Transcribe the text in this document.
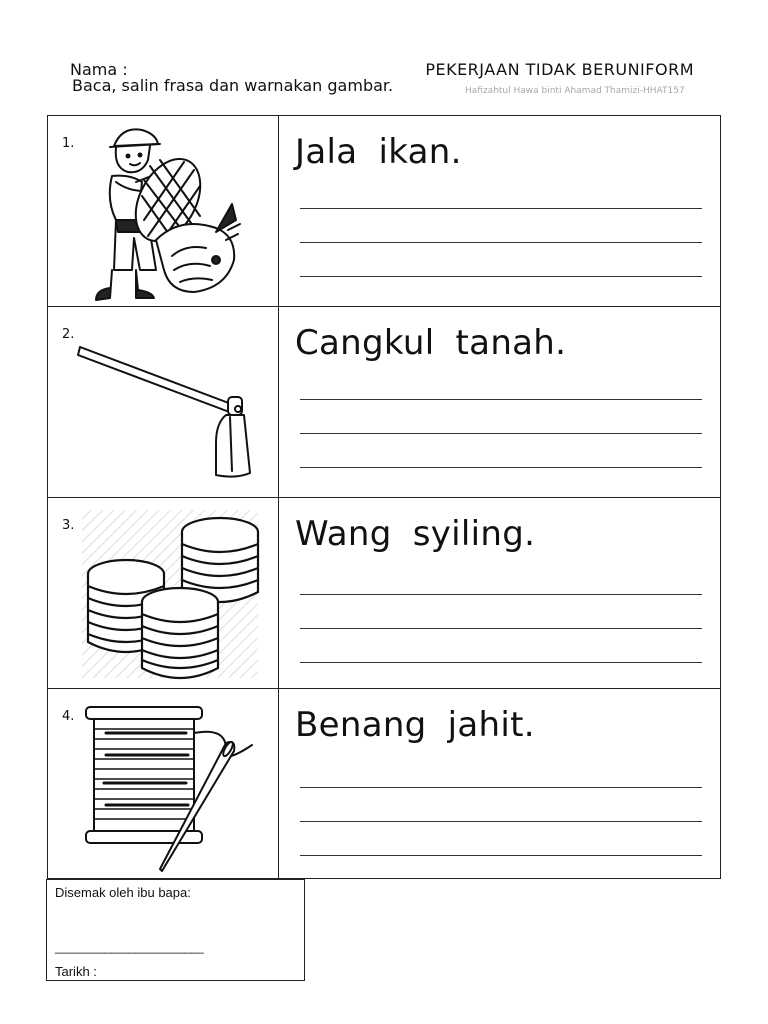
Nama :
Baca, salin frasa dan warnakan gambar.
PEKERJAAN TIDAK BERUNIFORM
Hafizahtul Hawa binti Ahamad Thamizi-HHAT157
1.	Jala ikan.
2.	Cangkul tanah.
3.	Wang syiling.
4.	Benang jahit.
Disemak oleh ibu bapa:
________________________
Tarikh :
